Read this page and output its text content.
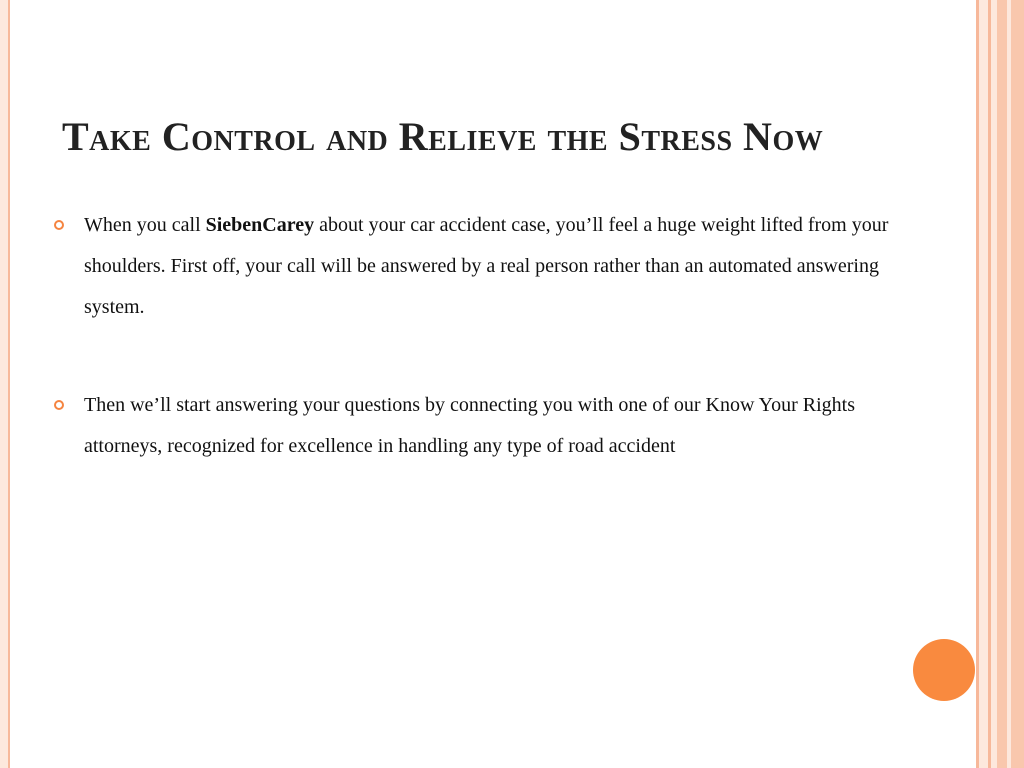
Take Control and Relieve the Stress Now
When you call SiebenCarey about your car accident case, you’ll feel a huge weight lifted from your shoulders. First off, your call will be answered by a real person rather than an automated answering system.
Then we’ll start answering your questions by connecting you with one of our Know Your Rights attorneys, recognized for excellence in handling any type of road accident
